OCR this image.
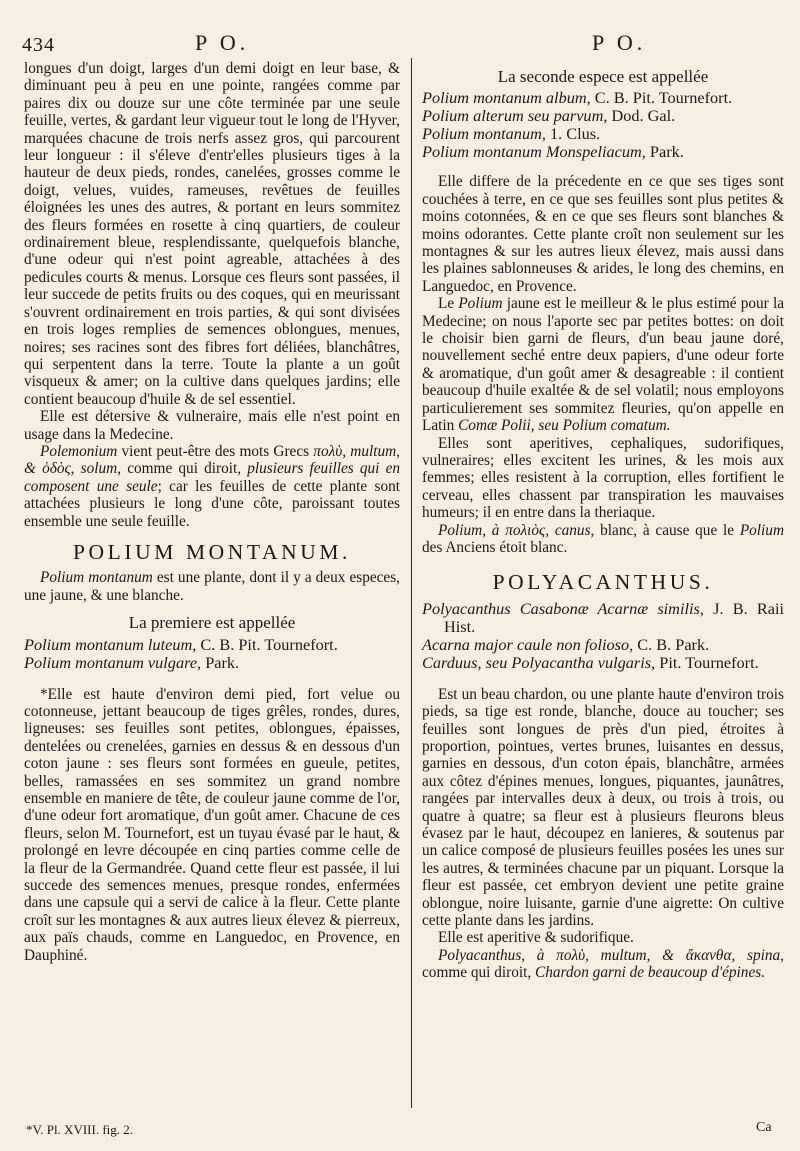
434	P O.	P O.

longues d'un doigt, larges d'un demi doigt en leur base, & diminuant peu à peu en une pointe, rangées comme par paires dix ou douze sur une côte terminée par une seule feuille, vertes, & gardant leur vigueur tout le long de l'Hyver, marquées chacune de trois nerfs assez gros, qui parcourent leur longueur : il s'éleve d'entr'elles plusieurs tiges à la hauteur de deux pieds, rondes, canelées, grosses comme le doigt, velues, vuides, rameuses, revêtues de feuilles éloignées les unes des autres, & portant en leurs sommitez des fleurs formées en rosette à cinq quartiers, de couleur ordinairement bleue, resplendissante, quelquefois blanche, d'une odeur qui n'est point agreable, attachées à des pedicules courts & menus. Lorsque ces fleurs sont passées, il leur succede de petits fruits ou des coques, qui en meurissant s'ouvrent ordinairement en trois parties, & qui sont divisées en trois loges remplies de semences oblongues, menues, noires; ses racines sont des fibres fort déliées, blanchâtres, qui serpentent dans la terre. Toute la plante a un goût visqueux & amer; on la cultive dans quelques jardins; elle contient beaucoup d'huile & de sel essentiel.

Elle est détersive & vulneraire, mais elle n'est point en usage dans la Medecine.

Polemonium vient peut-être des mots Grecs πολὺ, multum, & ὁδὸς, solum, comme qui diroit, plusieurs feuilles qui en composent une seule; car les feuilles de cette plante sont attachées plusieurs le long d'une côte, paroissant toutes ensemble une seule feuille.

POLIUM MONTANUM.

Polium montanum est une plante, dont il y a deux especes, une jaune, & une blanche.

La premiere est appellée

Polium montanum luteum, C. B. Pit. Tournefort.

Polium montanum vulgare, Park.

*Elle est haute d'environ demi pied, fort velue ou cotonneuse, jettant beaucoup de tiges grêles, rondes, dures, ligneuses: ses feuilles sont petites, oblongues, épaisses, dentelées ou crenelées, garnies en dessus & en dessous d'un coton jaune : ses fleurs sont formées en gueule, petites, belles, ramassées en ses sommitez un grand nombre ensemble en maniere de tête, de couleur jaune comme de l'or, d'une odeur fort aromatique, d'un goût amer. Chacune de ces fleurs, selon M. Tournefort, est un tuyau évasé par le haut, & prolongé en levre découpée en cinq parties comme celle de la fleur de la Germandrée. Quand cette fleur est passée, il lui succede des semences menues, presque rondes, enfermées dans une capsule qui a servi de calice à la fleur. Cette plante croît sur les montagnes & aux autres lieux élevez & pierreux, aux païs chauds, comme en Languedoc, en Provence, en Dauphiné.

La seconde espece est appellée

Polium montanum album, C. B. Pit. Tournefort.

Polium alterum seu parvum, Dod. Gal.

Polium montanum, 1. Clus.

Polium montanum Monspeliacum, Park.

Elle differe de la précedente en ce que ses tiges sont couchées à terre, en ce que ses feuilles sont plus petites & moins cotonnées, & en ce que ses fleurs sont blanches & moins odorantes. Cette plante croît non seulement sur les montagnes & sur les autres lieux élevez, mais aussi dans les plaines sablonneuses & arides, le long des chemins, en Languedoc, en Provence.

Le Polium jaune est le meilleur & le plus estimé pour la Medecine; on nous l'aporte sec par petites bottes: on doit le choisir bien garni de fleurs, d'un beau jaune doré, nouvellement seché entre deux papiers, d'une odeur forte & aromatique, d'un goût amer & desagreable : il contient beaucoup d'huile exaltée & de sel volatil; nous employons particulierement ses sommitez fleuries, qu'on appelle en Latin Comæ Polii, seu Polium comatum.

Elles sont aperitives, cephaliques, sudorifiques, vulneraires; elles excitent les urines, & les mois aux femmes; elles resistent à la corruption, elles fortifient le cerveau, elles chassent par transpiration les mauvaises humeurs; il en entre dans la theriaque.

Polium, à πολιὸς, canus, blanc, à cause que le Polium des Anciens étoit blanc.

POLYACANTHUS.

Polyacanthus Casabonæ Acarnæ similis, J. B. Raii Hist.

Acarna major caule non folioso, C. B. Park.

Carduus, seu Polyacantha vulgaris, Pit. Tournefort.

Est un beau chardon, ou une plante haute d'environ trois pieds, sa tige est ronde, blanche, douce au toucher; ses feuilles sont longues de près d'un pied, étroites à proportion, pointues, vertes brunes, luisantes en dessus, garnies en dessous, d'un coton épais, blanchâtre, armées aux côtez d'épines menues, longues, piquantes, jaunâtres, rangées par intervalles deux à deux, ou trois à trois, ou quatre à quatre; sa fleur est à plusieurs fleurons bleus évasez par le haut, découpez en lanieres, & soutenus par un calice composé de plusieurs feuilles posées les unes sur les autres, & terminées chacune par un piquant. Lorsque la fleur est passée, cet embryon devient une petite graine oblongue, noire luisante, garnie d'une aigrette: On cultive cette plante dans les jardins.

Elle est aperitive & sudorifique.

Polyacanthus, à πολὺ, multum, & ἄκανθα, spina, comme qui diroit, Chardon garni de beaucoup d'épines.

*V. Pl. XVIII. fig. 2.	Ca
